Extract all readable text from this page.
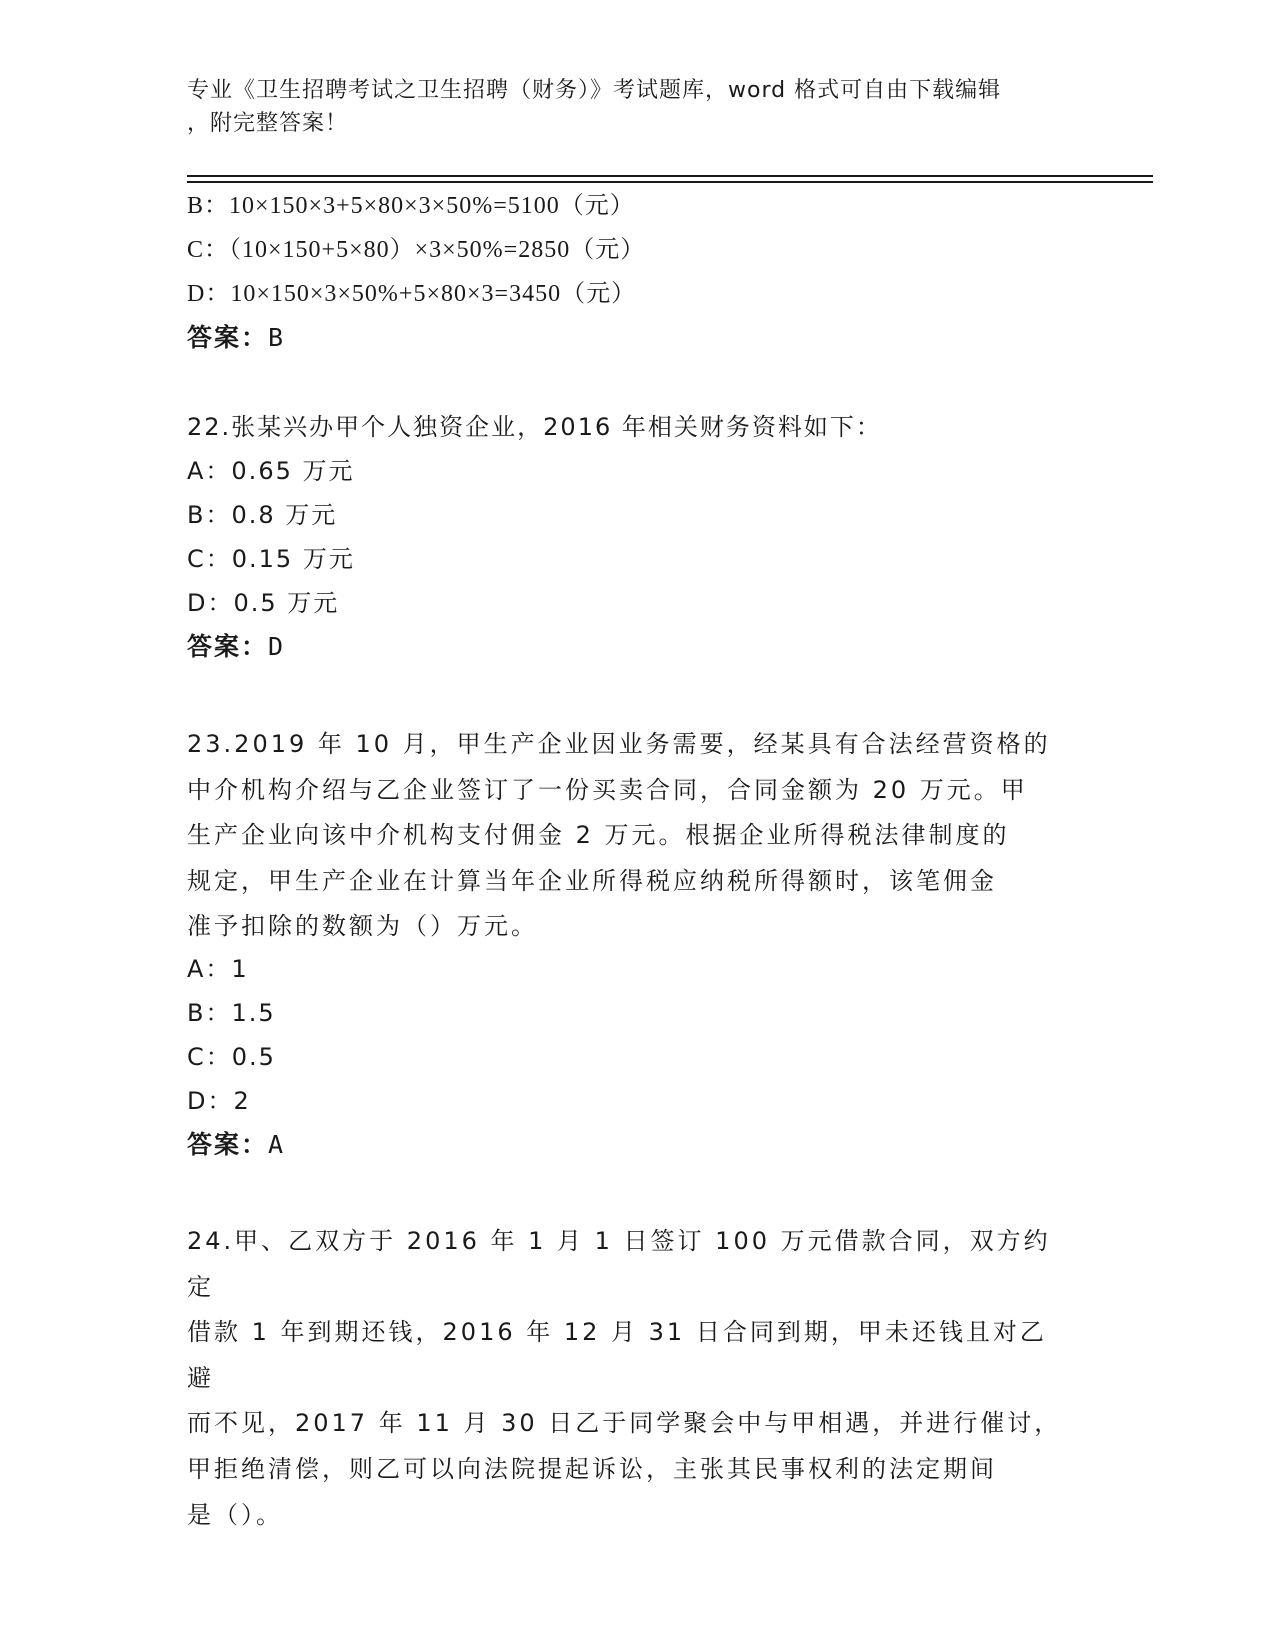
专业《卫生招聘考试之卫生招聘（财务）》考试题库，word 格式可自由下载编辑
，附完整答案！
B：10×150×3+5×80×3×50%=5100（元）
C：（10×150+5×80）×3×50%=2850（元）
D：10×150×3×50%+5×80×3=3450（元）
答案：B
22.张某兴办甲个人独资企业，2016 年相关财务资料如下：
A：0.65 万元
B：0.8 万元
C：0.15 万元
D：0.5 万元
答案：D
23.2019 年 10 月，甲生产企业因业务需要，经某具有合法经营资格的
中介机构介绍与乙企业签订了一份买卖合同，合同金额为 20 万元。甲
生产企业向该中介机构支付佣金 2 万元。根据企业所得税法律制度的
规定，甲生产企业在计算当年企业所得税应纳税所得额时，该笔佣金
准予扣除的数额为（）万元。
A：1
B：1.5
C：0.5
D：2
答案：A
24.甲、乙双方于 2016 年 1 月 1 日签订 100 万元借款合同，双方约定
借款 1 年到期还钱，2016 年 12 月 31 日合同到期，甲未还钱且对乙避
而不见，2017 年 11 月 30 日乙于同学聚会中与甲相遇，并进行催讨，
甲拒绝清偿，则乙可以向法院提起诉讼，主张其民事权利的法定期间
是（）。
